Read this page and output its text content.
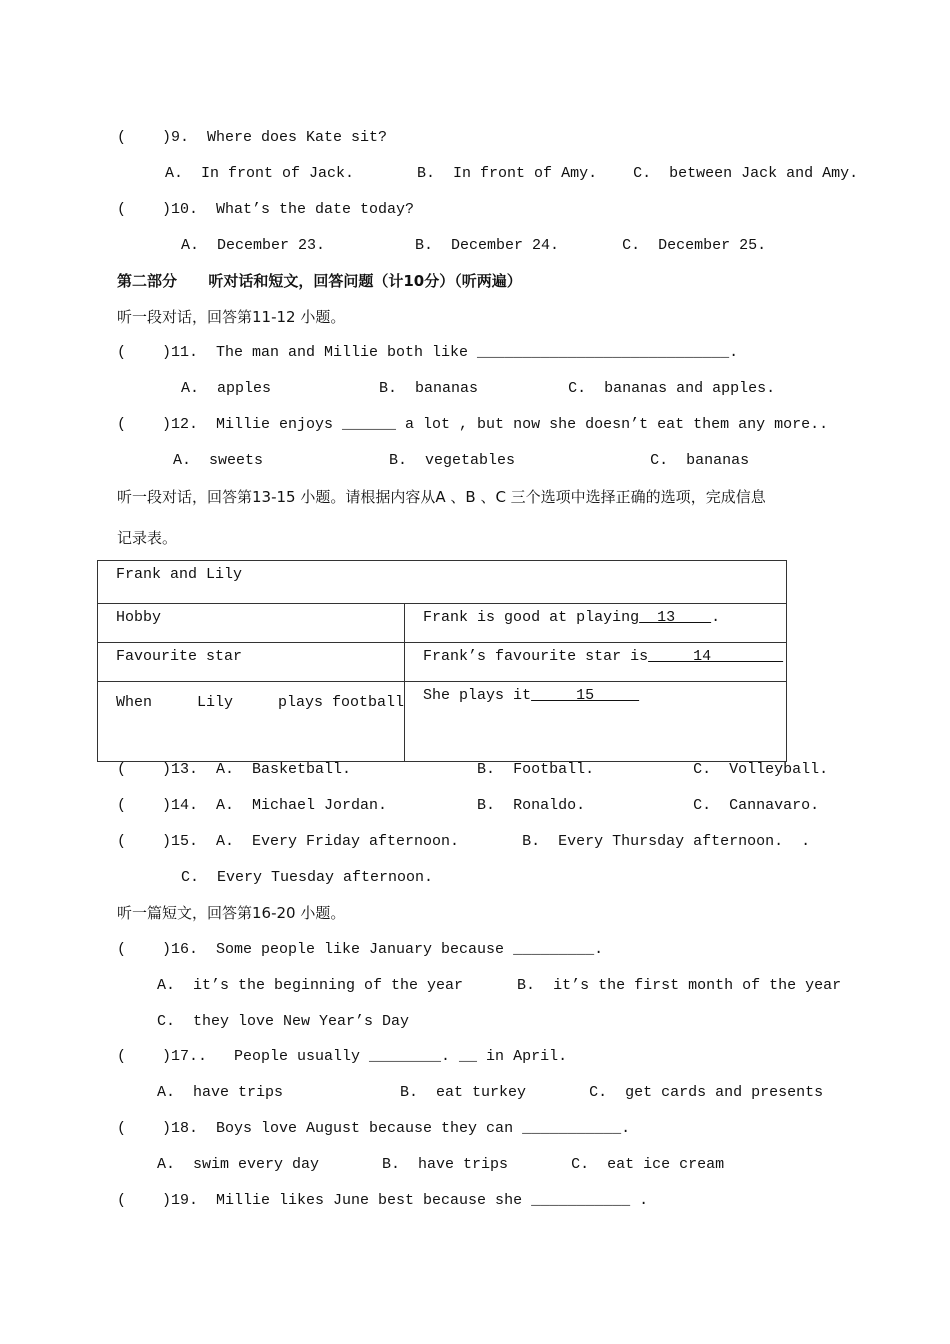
(    )9.  Where does Kate sit?
A.  In front of Jack.       B.  In front of Amy.    C.  between Jack and Amy.
(    )10.  What’s the date today?
A.  December 23.          B.  December 24.       C.  December 25.
第二部分      听对话和短文，回答问题（计10分）（听两遍）
听一段对话，回答第11-12 小题。
(    )11.  The man and Millie both like ____________________________.
A.  apples            B.  bananas          C.  bananas and apples.
(    )12.  Millie enjoys ______ a lot , but now she doesn’t eat them any more..
A.  sweets              B.  vegetables               C.  bananas
听一段对话，回答第13-15 小题。请根据内容从A 、B 、C 三个选项中选择正确的选项，完成信息
记录表。
Frank and Lily	
Hobby	Frank is good at playing  13    .
Favourite star	Frank’s favourite star is     14
When     Lily     plays football	She plays it     15
(    )13.  A.  Basketball.              B.  Football.           C.  Volleyball.
(    )14.  A.  Michael Jordan.          B.  Ronaldo.            C.  Cannavaro.
(    )15.  A.  Every Friday afternoon.       B.  Every Thursday afternoon.  .
C.  Every Tuesday afternoon.
听一篇短文，回答第16-20 小题。
(    )16.  Some people like January because _________.
A.  it’s the beginning of the year      B.  it’s the first month of the year
C.  they love New Year’s Day
(    )17..   People usually ________. __ in April.
A.  have trips             B.  eat turkey       C.  get cards and presents
(    )18.  Boys love August because they can ___________.
A.  swim every day       B.  have trips       C.  eat ice cream
(    )19.  Millie likes June best because she ___________ .
